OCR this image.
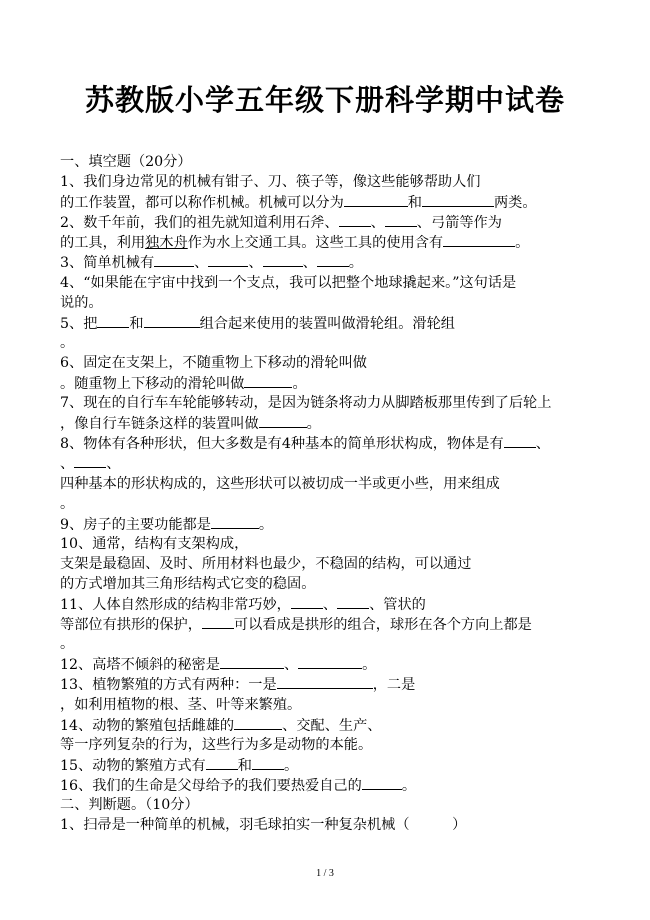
苏教版小学五年级下册科学期中试卷
一、填空题（20分）
1、我们身边常见的机械有钳子、刀、筷子等，像这些能够帮助人们
的工作装置，都可以称作机械。机械可以分为	和	两类。
2、数千年前，我们的祖先就知道利用石斧、 、 、弓箭等作为
的工具，利用独木舟作为水上交通工具。这些工具的使用含有	。
3、简单机械有	、	、	、 。
4、“如果能在宇宙中找到一个支点，我可以把整个地球撬起来。”这句话是
说的。
5、把 和	组合起来使用的装置叫做滑轮组。滑轮组
。
6、固定在支架上，不随重物上下移动的滑轮叫做
。随重物上下移动的滑轮叫做	。
7、现在的自行车车轮能够转动，是因为链条将动力从脚踏板那里传到了后轮上
，像自行车链条这样的装置叫做	。
8、物体有各种形状，但大多数是有4种基本的简单形状构成，物体是有 、
、 、
四种基本的形状构成的，这些形状可以被切成一半或更小些，用来组成
。
9、房子的主要功能都是	。
10、通常，结构有支架构成，
支架是最稳固、及时、所用材料也最少，不稳固的结构，可以通过
的方式增加其三角形结构式它变的稳固。
11、人体自然形成的结构非常巧妙， 、 、管状的
等部位有拱形的保护， 可以看成是拱形的组合，球形在各个方向上都是
。
12、高塔不倾斜的秘密是	、	。
13、植物繁殖的方式有两种：一是	，二是
，如利用植物的根、茎、叶等来繁殖。
14、动物的繁殖包括雌雄的	、交配、生产、
等一序列复杂的行为，这些行为多是动物的本能。
15、动物的繁殖方式有 和 。
16、我们的生命是父母给予的我们要热爱自己的	。
二、判断题。（10分）
1、扫帚是一种简单的机械，羽毛球拍实一种复杂机械（　　　）
1 / 3
